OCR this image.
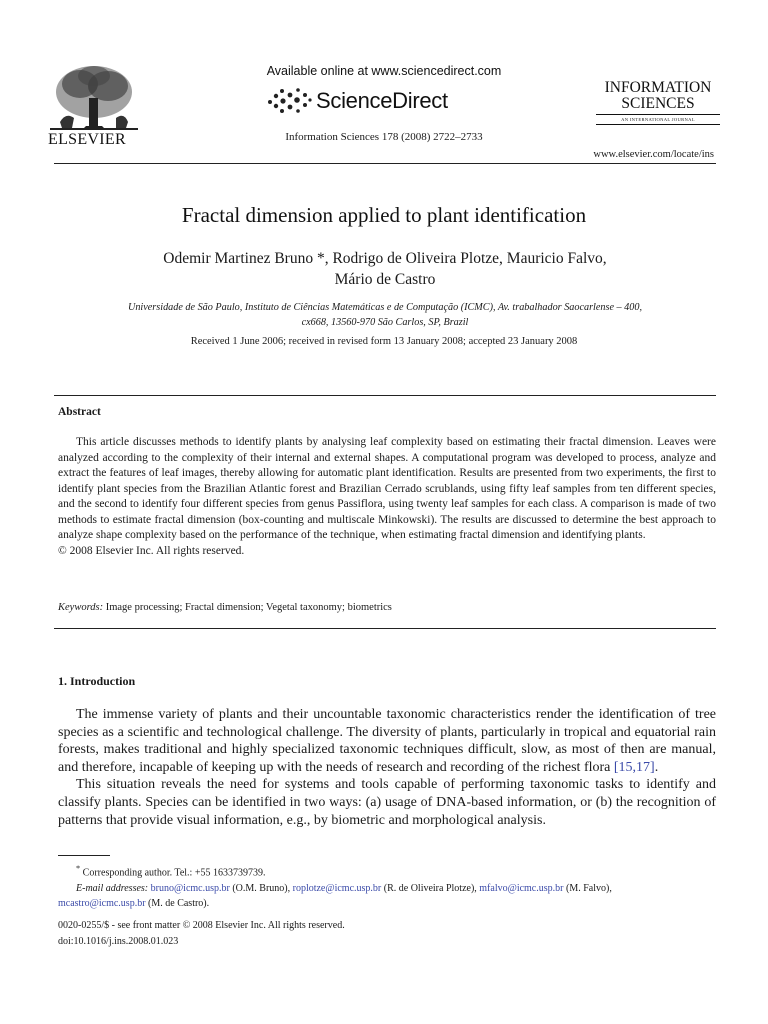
ELSEVIER
Available online at www.sciencedirect.com
ScienceDirect
Information Sciences 178 (2008) 2722–2733
INFORMATION
SCIENCES
AN INTERNATIONAL JOURNAL
www.elsevier.com/locate/ins
Fractal dimension applied to plant identification
Odemir Martinez Bruno *, Rodrigo de Oliveira Plotze, Mauricio Falvo,
Mário de Castro
Universidade de São Paulo, Instituto de Ciências Matemáticas e de Computação (ICMC), Av. trabalhador Saocarlense – 400,
cx668, 13560-970 São Carlos, SP, Brazil
Received 1 June 2006; received in revised form 13 January 2008; accepted 23 January 2008
Abstract

This article discusses methods to identify plants by analysing leaf complexity based on estimating their fractal dimension. Leaves were analyzed according to the complexity of their internal and external shapes. A computational program was developed to process, analyze and extract the features of leaf images, thereby allowing for automatic plant identification. Results are presented from two experiments, the first to identify plant species from the Brazilian Atlantic forest and Brazilian Cerrado scrublands, using fifty leaf samples from ten different species, and the second to identify four different species from genus Passiflora, using twenty leaf samples for each class. A comparison is made of two methods to estimate fractal dimension (box-counting and multiscale Minkowski). The results are discussed to determine the best approach to analyze shape complexity based on the performance of the technique, when estimating fractal dimension and identifying plants.

© 2008 Elsevier Inc. All rights reserved.

Keywords: Image processing; Fractal dimension; Vegetal taxonomy; biometrics
1. Introduction

The immense variety of plants and their uncountable taxonomic characteristics render the identification of tree species as a scientific and technological challenge. The diversity of plants, particularly in tropical and equatorial rain forests, makes traditional and highly specialized taxonomic techniques difficult, slow, as most of then are manual, and therefore, incapable of keeping up with the needs of research and recording of the richest flora [15,17].

This situation reveals the need for systems and tools capable of performing taxonomic tasks to identify and classify plants. Species can be identified in two ways: (a) usage of DNA-based information, or (b) the recognition of patterns that provide visual information, e.g., by biometric and morphological analysis.

* Corresponding author. Tel.: +55 1633739739.
E-mail addresses: bruno@icmc.usp.br (O.M. Bruno), roplotze@icmc.usp.br (R. de Oliveira Plotze), mfalvo@icmc.usp.br (M. Falvo),
mcastro@icmc.usp.br (M. de Castro).
0020-0255/$ - see front matter © 2008 Elsevier Inc. All rights reserved.
doi:10.1016/j.ins.2008.01.023
